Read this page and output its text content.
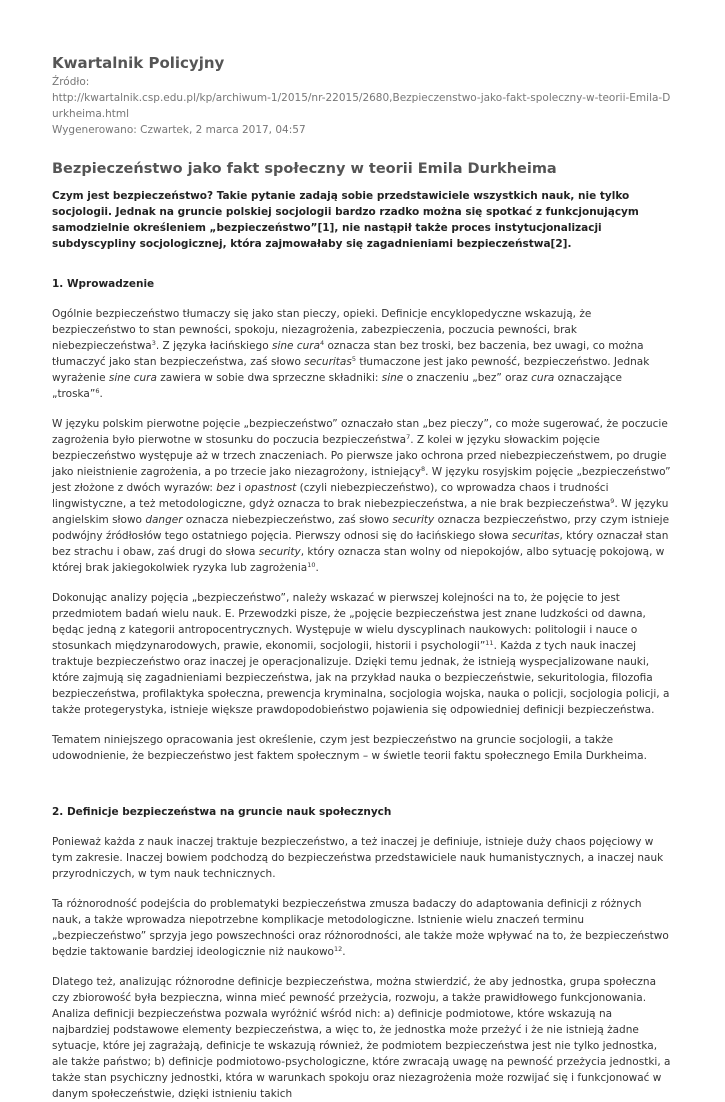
Kwartalnik Policyjny
Źródło:
http://kwartalnik.csp.edu.pl/kp/archiwum-1/2015/nr-22015/2680,Bezpieczenstwo-jako-fakt-spoleczny-w-teorii-Emila-Durkheima.html
Wygenerowano: Czwartek, 2 marca 2017, 04:57
Bezpieczeństwo jako fakt społeczny w teorii Emila Durkheima

Czym jest bezpieczeństwo? Takie pytanie zadają sobie przedstawiciele wszystkich nauk, nie tylko socjologii. Jednak na gruncie polskiej socjologii bardzo rzadko można się spotkać z funkcjonującym samodzielnie określeniem „bezpieczeństwo”[1], nie nastąpił także proces instytucjonalizacji subdyscypliny socjologicznej, która zajmowałaby się zagadnieniami bezpieczeństwa[2].

1. Wprowadzenie

Ogólnie bezpieczeństwo tłumaczy się jako stan pieczy, opieki. Definicje encyklopedyczne wskazują, że bezpieczeństwo to stan pewności, spokoju, niezagrożenia, zabezpieczenia, poczucia pewności, brak niebezpieczeństwa$^3$. Z języka łacińskiego sine cura$^4$ oznacza stan bez troski, bez baczenia, bez uwagi, co można tłumaczyć jako stan bezpieczeństwa, zaś słowo securitas$^5$ tłumaczone jest jako pewność, bezpieczeństwo. Jednak wyrażenie sine cura zawiera w sobie dwa sprzeczne składniki: sine o znaczeniu „bez” oraz cura oznaczające „troska”$^6$.

W języku polskim pierwotne pojęcie „bezpieczeństwo” oznaczało stan „bez pieczy”, co może sugerować, że poczucie zagrożenia było pierwotne w stosunku do poczucia bezpieczeństwa$^7$. Z kolei w języku słowackim pojęcie bezpieczeństwo występuje aż w trzech znaczeniach. Po pierwsze jako ochrona przed niebezpieczeństwem, po drugie jako nieistnienie zagrożenia, a po trzecie jako niezagrożony, istniejący$^8$. W języku rosyjskim pojęcie „bezpieczeństwo” jest złożone z dwóch wyrazów: bez i opastnost (czyli niebezpieczeństwo), co wprowadza chaos i trudności lingwistyczne, a też metodologiczne, gdyż oznacza to brak niebezpieczeństwa, a nie brak bezpieczeństwa$^9$. W języku angielskim słowo danger oznacza niebezpieczeństwo, zaś słowo security oznacza bezpieczeństwo, przy czym istnieje podwójny źródłosłów tego ostatniego pojęcia. Pierwszy odnosi się do łacińskiego słowa securitas, który oznaczał stan bez strachu i obaw, zaś drugi do słowa security, który oznacza stan wolny od niepokojów, albo sytuację pokojową, w której brak jakiegokolwiek ryzyka lub zagrożenia$^{10}$.

Dokonując analizy pojęcia „bezpieczeństwo”, należy wskazać w pierwszej kolejności na to, że pojęcie to jest przedmiotem badań wielu nauk. E. Przewodzki pisze, że „pojęcie bezpieczeństwa jest znane ludzkości od dawna, będąc jedną z kategorii antropocentrycznych. Występuje w wielu dyscyplinach naukowych: politologii i nauce o stosunkach międzynarodowych, prawie, ekonomii, socjologii, historii i psychologii”$^{11}$. Każda z tych nauk inaczej traktuje bezpieczeństwo oraz inaczej je operacjonalizuje. Dzięki temu jednak, że istnieją wyspecjalizowane nauki, które zajmują się zagadnieniami bezpieczeństwa, jak na przykład nauka o bezpieczeństwie, sekuritologia, filozofia bezpieczeństwa, profilaktyka społeczna, prewencja kryminalna, socjologia wojska, nauka o policji, socjologia policji, a także protegerystyka, istnieje większe prawdopodobieństwo pojawienia się odpowiedniej definicji bezpieczeństwa.

Tematem niniejszego opracowania jest określenie, czym jest bezpieczeństwo na gruncie socjologii, a także udowodnienie, że bezpieczeństwo jest faktem społecznym – w świetle teorii faktu społecznego Emila Durkheima.

2. Definicje bezpieczeństwa na gruncie nauk społecznych

Ponieważ każda z nauk inaczej traktuje bezpieczeństwo, a też inaczej je definiuje, istnieje duży chaos pojęciowy w tym zakresie. Inaczej bowiem podchodzą do bezpieczeństwa przedstawiciele nauk humanistycznych, a inaczej nauk przyrodniczych, w tym nauk technicznych.

Ta różnorodność podejścia do problematyki bezpieczeństwa zmusza badaczy do adaptowania definicji z różnych nauk, a także wprowadza niepotrzebne komplikacje metodologiczne. Istnienie wielu znaczeń terminu „bezpieczeństwo” sprzyja jego powszechności oraz różnorodności, ale także może wpływać na to, że bezpieczeństwo będzie taktowanie bardziej ideologicznie niż naukowo$^{12}$.

Dlatego też, analizując różnorodne definicje bezpieczeństwa, można stwierdzić, że aby jednostka, grupa społeczna czy zbiorowość była bezpieczna, winna mieć pewność przeżycia, rozwoju, a także prawidłowego funkcjonowania. Analiza definicji bezpieczeństwa pozwala wyróżnić wśród nich: a) definicje podmiotowe, które wskazują na najbardziej podstawowe elementy bezpieczeństwa, a więc to, że jednostka może przeżyć i że nie istnieją żadne sytuacje, które jej zagrażają, definicje te wskazują również, że podmiotem bezpieczeństwa jest nie tylko jednostka, ale także państwo; b) definicje podmiotowo-psychologiczne, które zwracają uwagę na pewność przeżycia jednostki, a także stan psychiczny jednostki, która w warunkach spokoju oraz niezagrożenia może rozwijać się i funkcjonować w danym społeczeństwie, dzięki istnieniu takich
